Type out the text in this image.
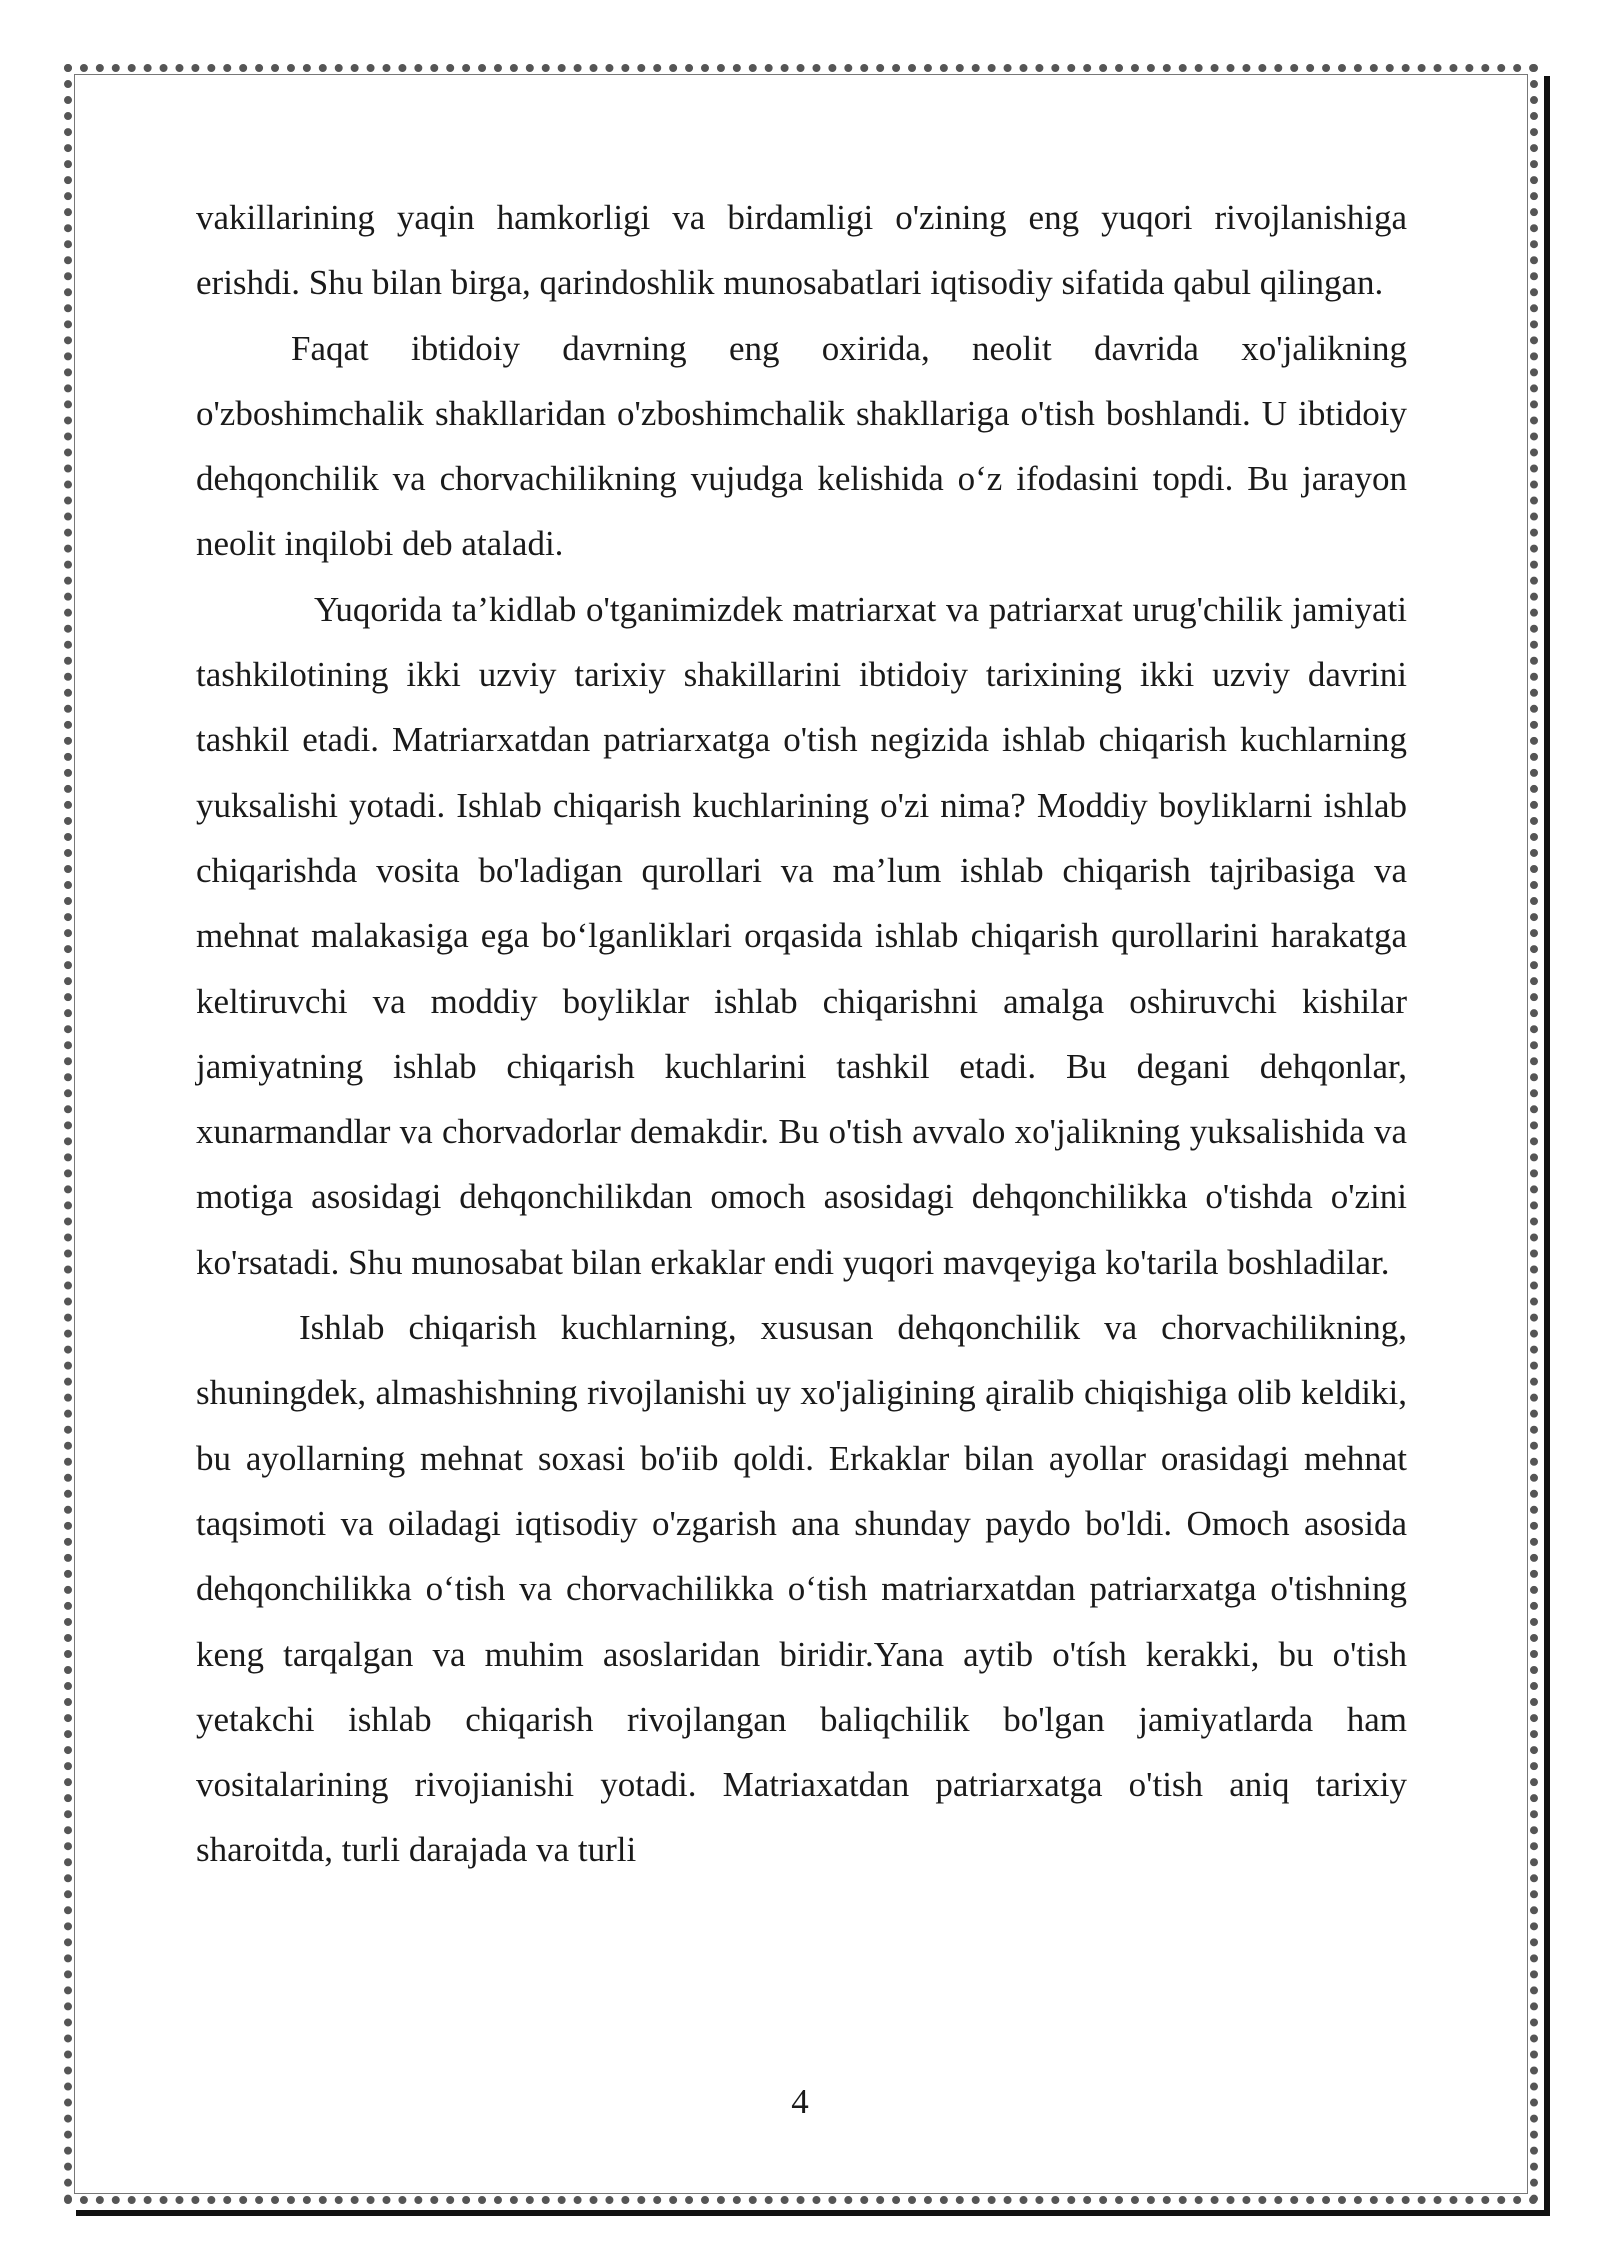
vakillarining yaqin hamkorligi va birdamligi o'zining eng yuqori rivojlanishiga erishdi. Shu bilan birga, qarindoshlik munosabatlari iqtisodiy sifatida qabul qilingan.

Faqat ibtidoiy davrning eng oxirida, neolit davrida xo'jalikning o'zboshimchalik shakllaridan o'zboshimchalik shakllariga o'tish boshlandi. U ibtidoiy dehqonchilik va chorvachilikning vujudga kelishida o‘z ifodasini topdi. Bu jarayon neolit inqilobi deb ataladi.

Yuqorida ta’kidlab o'tganimizdek matriarxat va patriarxat urug'chilik jamiyati tashkilotining ikki uzviy tarixiy shakillarini ibtidoiy tarixining ikki uzviy davrini tashkil etadi. Matriarxatdan patriarxatga o'tish negizida ishlab chiqarish kuchlarning yuksalishi yotadi. Ishlab chiqarish kuchlarining o'zi nima? Moddiy boyliklarni ishlab chiqarishda vosita bo'ladigan qurollari va ma’lum ishlab chiqarish tajribasiga va mehnat malakasiga ega bo‘lganliklari orqasida ishlab chiqarish qurollarini harakatga keltiruvchi va moddiy boyliklar ishlab chiqarishni amalga oshiruvchi kishilar jamiyatning ishlab chiqarish kuchlarini tashkil etadi. Bu degani dehqonlar, xunarmandlar va chorvadorlar demakdir. Bu o'tish avvalo xo'jalikning yuksalishida va motiga asosidagi dehqonchilikdan omoch asosidagi dehqonchilikka o'tishda o'zini ko'rsatadi. Shu munosabat bilan erkaklar endi yuqori mavqeyiga ko'tarila boshladilar.

Ishlab chiqarish kuchlarning, xususan dehqonchilik va chorvachilikning, shuningdek, almashishning rivojlanishi uy xo'jaligining ąiralib chiqishiga olib keldiki, bu ayollarning mehnat soxasi bo'iib qoldi. Erkaklar bilan ayollar orasidagi mehnat taqsimoti va oiladagi iqtisodiy o'zgarish ana shunday paydo bo'ldi. Omoch asosida dehqonchilikka o‘tish va chorvachilikka o‘tish matriarxatdan patriarxatga o'tishning keng tarqalgan va muhim asoslaridan biridir.Yana aytib o'tísh kerakki, bu o'tish yetakchi ishlab chiqarish rivojlangan baliqchilik bo'lgan jamiyatlarda ham vositalarining rivojianishi yotadi. Matriaxatdan patriarxatga o'tish aniq tarixiy sharoitda, turli darajada va turli

4
